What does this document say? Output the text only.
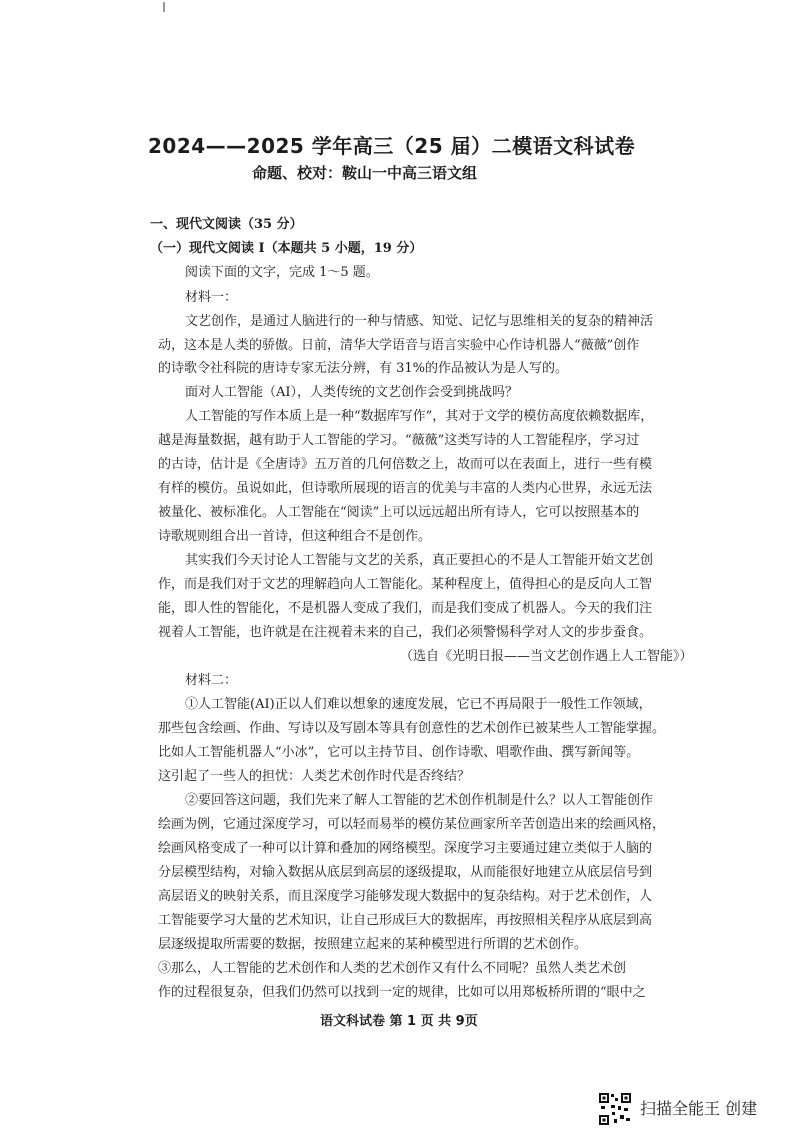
2024——2025 学年高三（25 届）二模语文科试卷
命题、校对：鞍山一中高三语文组
一、现代文阅读（35 分）
（一）现代文阅读 I（本题共 5 小题，19 分）
阅读下面的文字，完成 1～5 题。
材料一：
文艺创作，是通过人脑进行的一种与情感、知觉、记忆与思维相关的复杂的精神活
动，这本是人类的骄傲。日前，清华大学语音与语言实验中心作诗机器人“薇薇”创作
的诗歌令社科院的唐诗专家无法分辨，有 31%的作品被认为是人写的。
面对人工智能（AI），人类传统的文艺创作会受到挑战吗？
人工智能的写作本质上是一种“数据库写作”，其对于文学的模仿高度依赖数据库，
越是海量数据，越有助于人工智能的学习。“薇薇”这类写诗的人工智能程序，学习过
的古诗，估计是《全唐诗》五万首的几何倍数之上，故而可以在表面上，进行一些有模
有样的模仿。虽说如此，但诗歌所展现的语言的优美与丰富的人类内心世界，永远无法
被量化、被标准化。人工智能在“阅读”上可以远远超出所有诗人，它可以按照基本的
诗歌规则组合出一首诗，但这种组合不是创作。
其实我们今天讨论人工智能与文艺的关系，真正要担心的不是人工智能开始文艺创
作，而是我们对于文艺的理解趋向人工智能化。某种程度上，值得担心的是反向人工智
能，即人性的智能化，不是机器人变成了我们，而是我们变成了机器人。今天的我们注
视着人工智能，也许就是在注视着未来的自己，我们必须警惕科学对人文的步步蚕食。
（选自《光明日报——当文艺创作遇上人工智能》）
材料二：
①人工智能(AI)正以人们难以想象的速度发展，它已不再局限于一般性工作领域，
那些包含绘画、作曲、写诗以及写剧本等具有创意性的艺术创作已被某些人工智能掌握。
比如人工智能机器人“小冰”，它可以主持节目、创作诗歌、唱歌作曲、撰写新闻等。
这引起了一些人的担忧：人类艺术创作时代是否终结？
②要回答这问题，我们先来了解人工智能的艺术创作机制是什么？以人工智能创作
绘画为例，它通过深度学习，可以轻而易举的模仿某位画家所辛苦创造出来的绘画风格，
绘画风格变成了一种可以计算和叠加的网络模型。深度学习主要通过建立类似于人脑的
分层模型结构，对输入数据从底层到高层的逐级提取，从而能很好地建立从底层信号到
高层语义的映射关系，而且深度学习能够发现大数据中的复杂结构。对于艺术创作，人
工智能要学习大量的艺术知识，让自己形成巨大的数据库，再按照相关程序从底层到高
层逐级提取所需要的数据，按照建立起来的某种模型进行所谓的艺术创作。
③那么，人工智能的艺术创作和人类的艺术创作又有什么不同呢？虽然人类艺术创
作的过程很复杂，但我们仍然可以找到一定的规律，比如可以用郑板桥所谓的“眼中之
语文科试卷 第 1 页 共 9页
扫描全能王 创建
